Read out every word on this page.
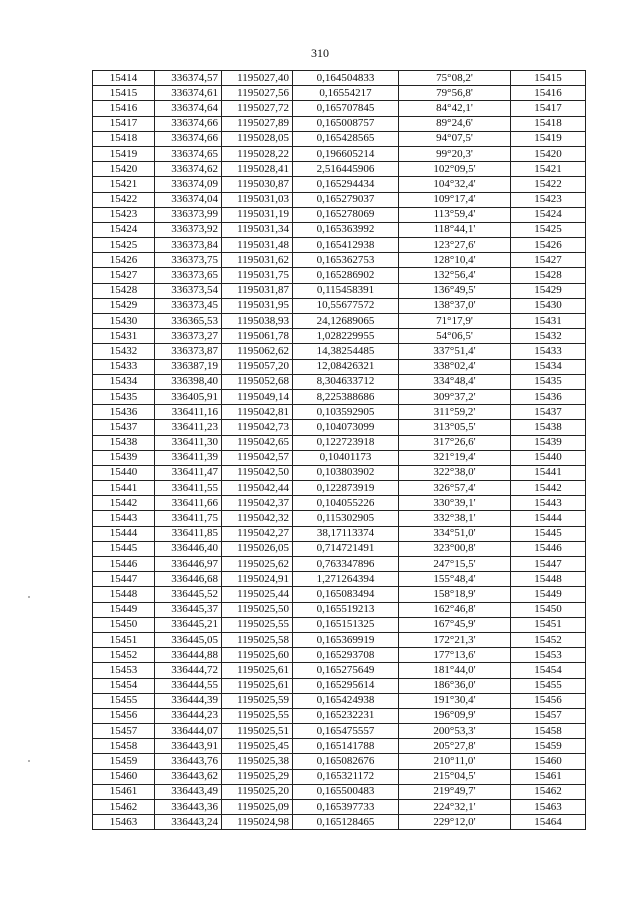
310
15414	336374,57	1195027,40	0,164504833	75°08,2'	15415
15415	336374,61	1195027,56	0,16554217	79°56,8'	15416
15416	336374,64	1195027,72	0,165707845	84°42,1'	15417
15417	336374,66	1195027,89	0,165008757	89°24,6'	15418
15418	336374,66	1195028,05	0,165428565	94°07,5'	15419
15419	336374,65	1195028,22	0,196605214	99°20,3'	15420
15420	336374,62	1195028,41	2,516445906	102°09,5'	15421
15421	336374,09	1195030,87	0,165294434	104°32,4'	15422
15422	336374,04	1195031,03	0,165279037	109°17,4'	15423
15423	336373,99	1195031,19	0,165278069	113°59,4'	15424
15424	336373,92	1195031,34	0,165363992	118°44,1'	15425
15425	336373,84	1195031,48	0,165412938	123°27,6'	15426
15426	336373,75	1195031,62	0,165362753	128°10,4'	15427
15427	336373,65	1195031,75	0,165286902	132°56,4'	15428
15428	336373,54	1195031,87	0,115458391	136°49,5'	15429
15429	336373,45	1195031,95	10,55677572	138°37,0'	15430
15430	336365,53	1195038,93	24,12689065	71°17,9'	15431
15431	336373,27	1195061,78	1,028229955	54°06,5'	15432
15432	336373,87	1195062,62	14,38254485	337°51,4'	15433
15433	336387,19	1195057,20	12,08426321	338°02,4'	15434
15434	336398,40	1195052,68	8,304633712	334°48,4'	15435
15435	336405,91	1195049,14	8,225388686	309°37,2'	15436
15436	336411,16	1195042,81	0,103592905	311°59,2'	15437
15437	336411,23	1195042,73	0,104073099	313°05,5'	15438
15438	336411,30	1195042,65	0,122723918	317°26,6'	15439
15439	336411,39	1195042,57	0,10401173	321°19,4'	15440
15440	336411,47	1195042,50	0,103803902	322°38,0'	15441
15441	336411,55	1195042,44	0,122873919	326°57,4'	15442
15442	336411,66	1195042,37	0,104055226	330°39,1'	15443
15443	336411,75	1195042,32	0,115302905	332°38,1'	15444
15444	336411,85	1195042,27	38,17113374	334°51,0'	15445
15445	336446,40	1195026,05	0,714721491	323°00,8'	15446
15446	336446,97	1195025,62	0,763347896	247°15,5'	15447
15447	336446,68	1195024,91	1,271264394	155°48,4'	15448
15448	336445,52	1195025,44	0,165083494	158°18,9'	15449
15449	336445,37	1195025,50	0,165519213	162°46,8'	15450
15450	336445,21	1195025,55	0,165151325	167°45,9'	15451
15451	336445,05	1195025,58	0,165369919	172°21,3'	15452
15452	336444,88	1195025,60	0,165293708	177°13,6'	15453
15453	336444,72	1195025,61	0,165275649	181°44,0'	15454
15454	336444,55	1195025,61	0,165295614	186°36,0'	15455
15455	336444,39	1195025,59	0,165424938	191°30,4'	15456
15456	336444,23	1195025,55	0,165232231	196°09,9'	15457
15457	336444,07	1195025,51	0,165475557	200°53,3'	15458
15458	336443,91	1195025,45	0,165141788	205°27,8'	15459
15459	336443,76	1195025,38	0,165082676	210°11,0'	15460
15460	336443,62	1195025,29	0,165321172	215°04,5'	15461
15461	336443,49	1195025,20	0,165500483	219°49,7'	15462
15462	336443,36	1195025,09	0,165397733	224°32,1'	15463
15463	336443,24	1195024,98	0,165128465	229°12,0'	15464
